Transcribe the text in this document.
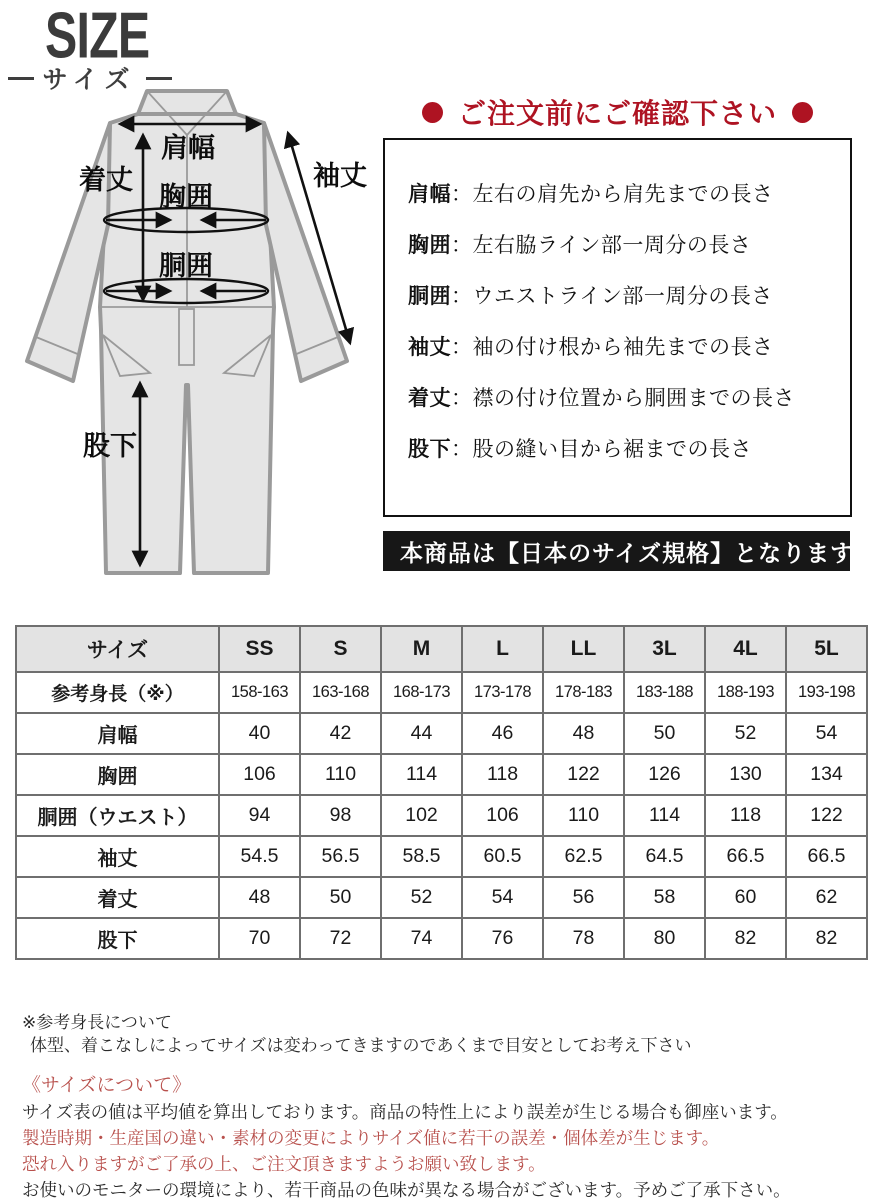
SIZE
サイズ
肩幅
着丈
胸囲
胴囲
袖丈
股下
ご注文前にご確認下さい
肩幅：左右の肩先から肩先までの長さ
胸囲：左右脇ライン部一周分の長さ
胴囲：ウエストライン部一周分の長さ
袖丈：袖の付け根から袖先までの長さ
着丈：襟の付け位置から胴囲までの長さ
股下：股の縫い目から裾までの長さ
本商品は【日本のサイズ規格】となります
サイズ	SS	S	M	L	LL	3L	4L	5L
参考身長（※）	158-163	163-168	168-173	173-178	178-183	183-188	188-193	193-198
肩幅	40	42	44	46	48	50	52	54
胸囲	106	110	114	118	122	126	130	134
胴囲（ウエスト）	94	98	102	106	110	114	118	122
袖丈	54.5	56.5	58.5	60.5	62.5	64.5	66.5	66.5
着丈	48	50	52	54	56	58	60	62
股下	70	72	74	76	78	80	82	82
※参考身長について
体型、着こなしによってサイズは変わってきますのであくまで目安としてお考え下さい
《サイズについて》
サイズ表の値は平均値を算出しております。商品の特性上により誤差が生じる場合も御座います。
製造時期・生産国の違い・素材の変更によりサイズ値に若干の誤差・個体差が生じます。
恐れ入りますがご了承の上、ご注文頂きますようお願い致します。
お使いのモニターの環境により、若干商品の色味が異なる場合がございます。予めご了承下さい。
